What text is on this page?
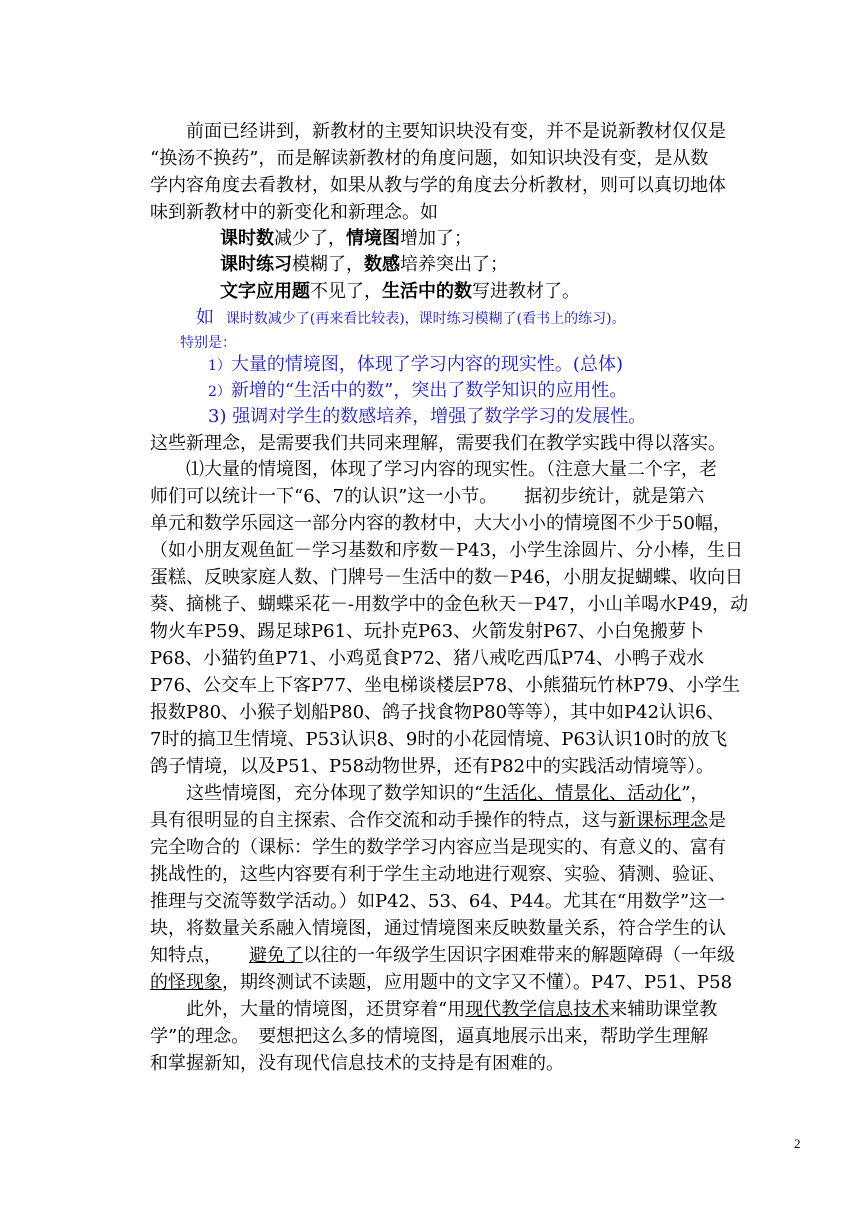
前面已经讲到，新教材的主要知识块没有变，并不是说新教材仅仅是
“换汤不换药”，而是解读新教材的角度问题，如知识块没有变，是从数
学内容角度去看教材，如果从教与学的角度去分析教材，则可以真切地体
味到新教材中的新变化和新理念。如
课时数减少了，情境图增加了；
课时练习模糊了，数感培养突出了；
文字应用题不见了，生活中的数写进教材了。
如 课时数减少了(再来看比较表)，课时练习模糊了(看书上的练习)。
特别是：
1）大量的情境图，体现了学习内容的现实性。(总体)
2）新增的“生活中的数”，突出了数学知识的应用性。
3) 强调对学生的数感培养，增强了数学学习的发展性。
这些新理念，是需要我们共同来理解，需要我们在教学实践中得以落实。
⑴大量的情境图，体现了学习内容的现实性。（注意大量二个字，老
师们可以统计一下“6、7的认识”这一小节。　　据初步统计，就是第六
单元和数学乐园这一部分内容的教材中，大大小小的情境图不少于50幅，
（如小朋友观鱼缸－学习基数和序数－P43，小学生涂圆片、分小棒，生日
蛋糕、反映家庭人数、门牌号－生活中的数－P46，小朋友捉蝴蝶、收向日
葵、摘桃子、蝴蝶采花－-用数学中的金色秋天－P47，小山羊喝水P49，动
物火车P59、踢足球P61、玩扑克P63、火箭发射P67、小白兔搬萝卜
P68、小猫钓鱼P71、小鸡觅食P72、猪八戒吃西瓜P74、小鸭子戏水
P76、公交车上下客P77、坐电梯谈楼层P78、小熊猫玩竹林P79、小学生
报数P80、小猴子划船P80、鸽子找食物P80等等），其中如P42认识6、
7时的搞卫生情境、P53认识8、9时的小花园情境、P63认识10时的放飞
鸽子情境，以及P51、P58动物世界，还有P82中的实践活动情境等）。
这些情境图，充分体现了数学知识的“生活化、情景化、活动化”，
具有很明显的自主探索、合作交流和动手操作的特点，这与新课标理念是
完全吻合的（课标：学生的数学学习内容应当是现实的、有意义的、富有
挑战性的，这些内容要有利于学生主动地进行观察、实验、猜测、验证、
推理与交流等数学活动。）如P42、53、64、P44。尤其在“用数学”这一
块，将数量关系融入情境图，通过情境图来反映数量关系，符合学生的认
知特点，　　避免了以往的一年级学生因识字困难带来的解题障碍（一年级
的怪现象，期终测试不读题，应用题中的文字又不懂）。P47、P51、P58
此外，大量的情境图，还贯穿着“用现代教学信息技术来辅助课堂教
学”的理念。　要想把这么多的情境图，逼真地展示出来，帮助学生理解
和掌握新知，没有现代信息技术的支持是有困难的。
2
